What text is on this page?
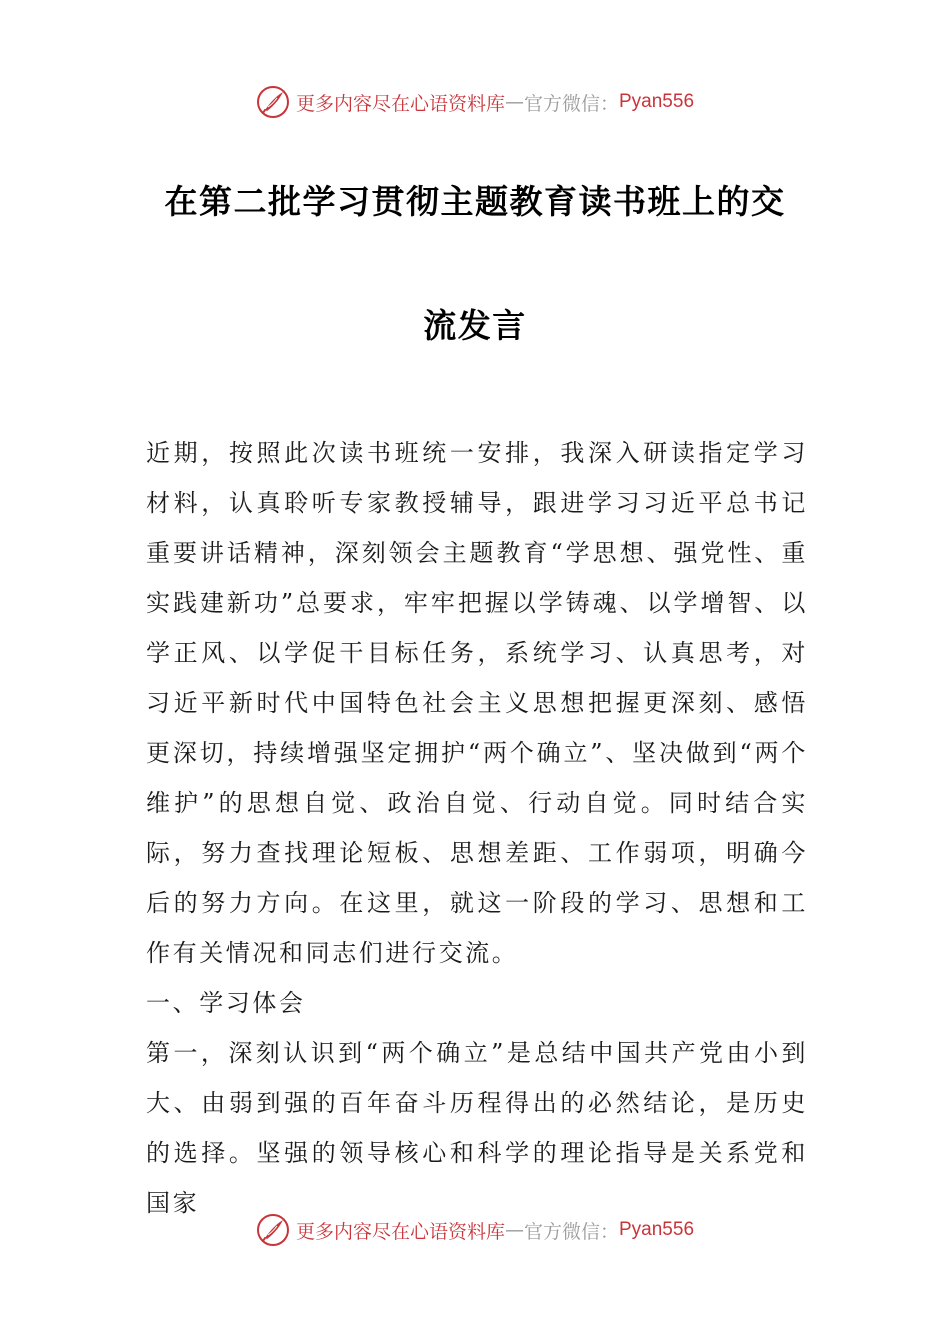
更多内容尽在心语资料库 — 官方微信： Pyan556
在第二批学习贯彻主题教育读书班上的交
流发言

近期，按照此次读书班统一安排，我深入研读指定学习材料，认真聆听专家教授辅导，跟进学习习近平总书记重要讲话精神，深刻领会主题教育“学思想、强党性、重实践建新功”总要求，牢牢把握以学铸魂、以学增智、以学正风、以学促干目标任务，系统学习、认真思考，对习近平新时代中国特色社会主义思想把握更深刻、感悟更深切，持续增强坚定拥护“两个确立”、坚决做到“两个维护”的思想自觉、政治自觉、行动自觉。同时结合实际，努力查找理论短板、思想差距、工作弱项，明确今后的努力方向。在这里，就这一阶段的学习、思想和工作有关情况和同志们进行交流。

一、学习体会

第一，深刻认识到“两个确立”是总结中国共产党由小到大、由弱到强的百年奋斗历程得出的必然结论，是历史的选择。坚强的领导核心和科学的理论指导是关系党和国家

更多内容尽在心语资料库 — 官方微信： Pyan556
